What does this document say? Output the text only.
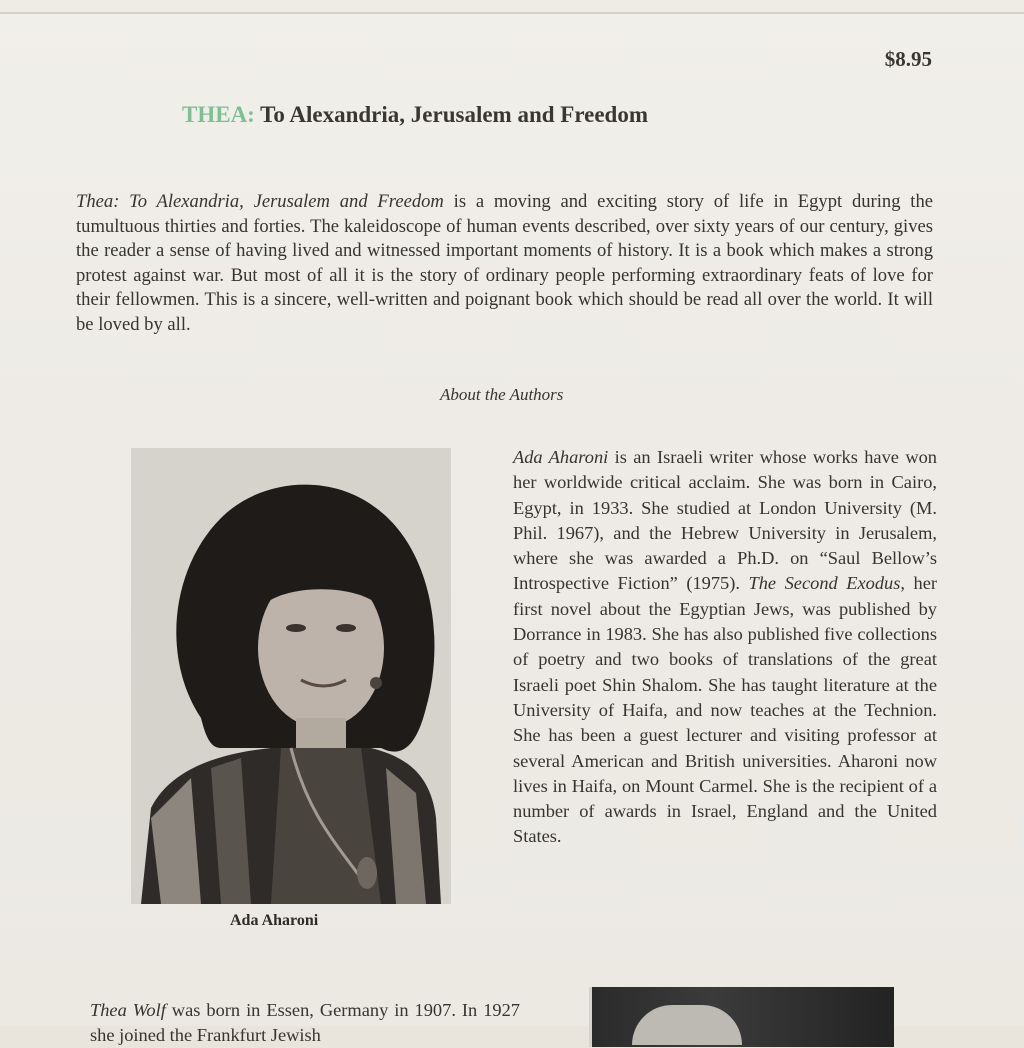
$8.95
THEA: To Alexandria, Jerusalem and Freedom
Thea: To Alexandria, Jerusalem and Freedom is a moving and exciting story of life in Egypt during the tumultuous thirties and forties. The kaleidoscope of human events described, over sixty years of our century, gives the reader a sense of having lived and witnessed important moments of history. It is a book which makes a strong protest against war. But most of all it is the story of ordinary people performing extraordinary feats of love for their fellowmen. This is a sincere, well-written and poignant book which should be read all over the world. It will be loved by all.
About the Authors
Ada Aharoni
Ada Aharoni is an Israeli writer whose works have won her worldwide critical acclaim. She was born in Cairo, Egypt, in 1933. She studied at London University (M. Phil. 1967), and the Hebrew University in Jerusalem, where she was awarded a Ph.D. on “Saul Bellow’s Introspective Fiction” (1975). The Second Exodus, her first novel about the Egyptian Jews, was published by Dorrance in 1983. She has also published five collections of poetry and two books of translations of the great Israeli poet Shin Shalom. She has taught literature at the University of Haifa, and now teaches at the Technion. She has been a guest lecturer and visiting professor at several American and British universities. Aharoni now lives in Haifa, on Mount Carmel. She is the recipient of a number of awards in Israel, England and the United States.
Thea Wolf was born in Essen, Germany in 1907. In 1927 she joined the Frankfurt Jewish
